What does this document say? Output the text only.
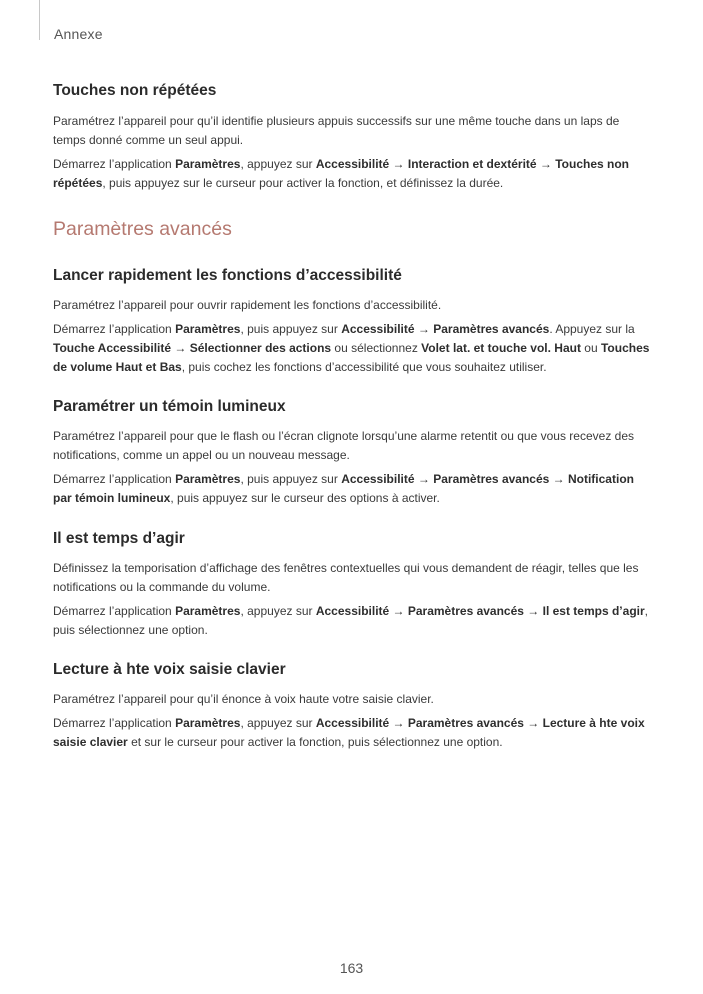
Annexe
Touches non répétées

Paramétrez l’appareil pour qu’il identifie plusieurs appuis successifs sur une même touche dans un laps de temps donné comme un seul appui.

Démarrez l’application Paramètres, appuyez sur Accessibilité → Interaction et dextérité → Touches non répétées, puis appuyez sur le curseur pour activer la fonction, et définissez la durée.

Paramètres avancés
Lancer rapidement les fonctions d’accessibilité

Paramétrez l’appareil pour ouvrir rapidement les fonctions d’accessibilité.

Démarrez l’application Paramètres, puis appuyez sur Accessibilité → Paramètres avancés. Appuyez sur la Touche Accessibilité → Sélectionner des actions ou sélectionnez Volet lat. et touche vol. Haut ou Touches de volume Haut et Bas, puis cochez les fonctions d’accessibilité que vous souhaitez utiliser.

Paramétrer un témoin lumineux

Paramétrez l’appareil pour que le flash ou l’écran clignote lorsqu’une alarme retentit ou que vous recevez des notifications, comme un appel ou un nouveau message.

Démarrez l’application Paramètres, puis appuyez sur Accessibilité → Paramètres avancés → Notification par témoin lumineux, puis appuyez sur le curseur des options à activer.

Il est temps d’agir

Définissez la temporisation d’affichage des fenêtres contextuelles qui vous demandent de réagir, telles que les notifications ou la commande du volume.

Démarrez l’application Paramètres, appuyez sur Accessibilité → Paramètres avancés → Il est temps d’agir, puis sélectionnez une option.

Lecture à hte voix saisie clavier

Paramétrez l’appareil pour qu’il énonce à voix haute votre saisie clavier.

Démarrez l’application Paramètres, appuyez sur Accessibilité → Paramètres avancés → Lecture à hte voix saisie clavier et sur le curseur pour activer la fonction, puis sélectionnez une option.

163
